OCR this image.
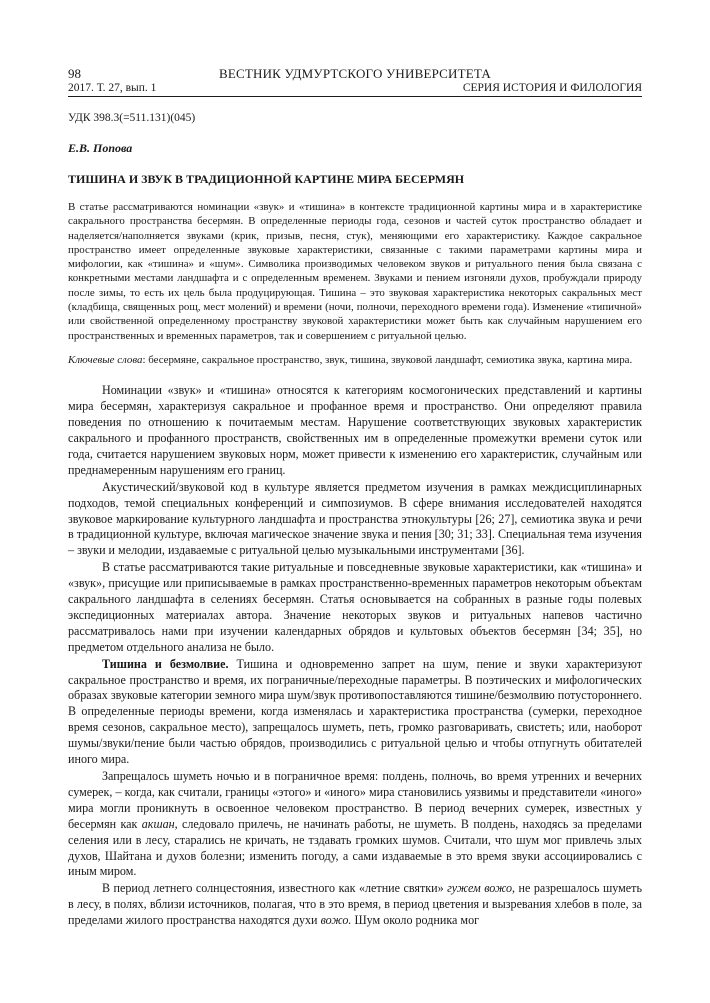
98	ВЕСТНИК УДМУРТСКОГО УНИВЕРСИТЕТА
2017. Т. 27, вып. 1	СЕРИЯ ИСТОРИЯ И ФИЛОЛОГИЯ
УДК 398.3(=511.131)(045)
Е.В. Попова
ТИШИНА И ЗВУК В ТРАДИЦИОННОЙ КАРТИНЕ МИРА БЕСЕРМЯН
В статье рассматриваются номинации «звук» и «тишина» в контексте традиционной картины мира и в характеристике сакрального пространства бесермян. В определенные периоды года, сезонов и частей суток пространство обладает и наделяется/наполняется звуками (крик, призыв, песня, стук), меняющими его характеристику. Каждое сакральное пространство имеет определенные звуковые характеристики, связанные с такими параметрами картины мира и мифологии, как «тишина» и «шум». Символика производимых человеком звуков и ритуального пения была связана с конкретными местами ландшафта и с определенным временем. Звуками и пением изгоняли духов, пробуждали природу после зимы, то есть их цель была продуцирующая. Тишина – это звуковая характеристика некоторых сакральных мест (кладбища, священных рощ, мест молений) и времени (ночи, полночи, переходного времени года). Изменение «типичной» или свойственной определенному пространству звуковой характеристики может быть как случайным нарушением его пространственных и временных параметров, так и совершением с ритуальной целью.
Ключевые слова: бесермяне, сакральное пространство, звук, тишина, звуковой ландшафт, семиотика звука, картина мира.

Номинации «звук» и «тишина» относятся к категориям космогонических представлений и картины мира бесермян, характеризуя сакральное и профанное время и пространство. Они определяют правила поведения по отношению к почитаемым местам. Нарушение соответствующих звуковых характеристик сакрального и профанного пространств, свойственных им в определенные промежутки времени суток или года, считается нарушением звуковых норм, может привести к изменению его характеристик, случайным или преднамеренным нарушениям его границ.

Акустический/звуковой код в культуре является предметом изучения в рамках междисциплинарных подходов, темой специальных конференций и симпозиумов. В сфере внимания исследователей находятся звуковое маркирование культурного ландшафта и пространства этнокультуры [26; 27], семиотика звука и речи в традиционной культуре, включая магическое значение звука и пения [30; 31; 33]. Специальная тема изучения – звуки и мелодии, издаваемые с ритуальной целью музыкальными инструментами [36].

В статье рассматриваются такие ритуальные и повседневные звуковые характеристики, как «тишина» и «звук», присущие или приписываемые в рамках пространственно-временных параметров некоторым объектам сакрального ландшафта в селениях бесермян. Статья основывается на собранных в разные годы полевых экспедиционных материалах автора. Значение некоторых звуков и ритуальных напевов частично рассматривалось нами при изучении календарных обрядов и культовых объектов бесермян [34; 35], но предметом отдельного анализа не было.

Тишина и безмолвие. Тишина и одновременно запрет на шум, пение и звуки характеризуют сакральное пространство и время, их пограничные/переходные параметры. В поэтических и мифологических образах звуковые категории земного мира шум/звук противопоставляются тишине/безмолвию потустороннего. В определенные периоды времени, когда изменялась и характеристика пространства (сумерки, переходное время сезонов, сакральное место), запрещалось шуметь, петь, громко разговаривать, свистеть; или, наоборот шумы/звуки/пение были частью обрядов, производились с ритуальной целью и чтобы отпугнуть обитателей иного мира.

Запрещалось шуметь ночью и в пограничное время: полдень, полночь, во время утренних и вечерних сумерек, – когда, как считали, границы «этого» и «иного» мира становились уязвимы и представители «иного» мира могли проникнуть в освоенное человеком пространство. В период вечерних сумерек, известных у бесермян как акшан, следовало прилечь, не начинать работы, не шуметь. В полдень, находясь за пределами селения или в лесу, старались не кричать, не тздавать громких шумов. Считали, что шум мог привлечь злых духов, Шайтана и духов болезни; изменить погоду, а сами издаваемые в это время звуки ассоциировались с иным миром.

В период летнего солнцестояния, известного как «летние святки» гужем вожо, не разрешалось шуметь в лесу, в полях, вблизи источников, полагая, что в это время, в период цветения и вызревания хлебов в поле, за пределами жилого пространства находятся духи вожо. Шум около родника мог
